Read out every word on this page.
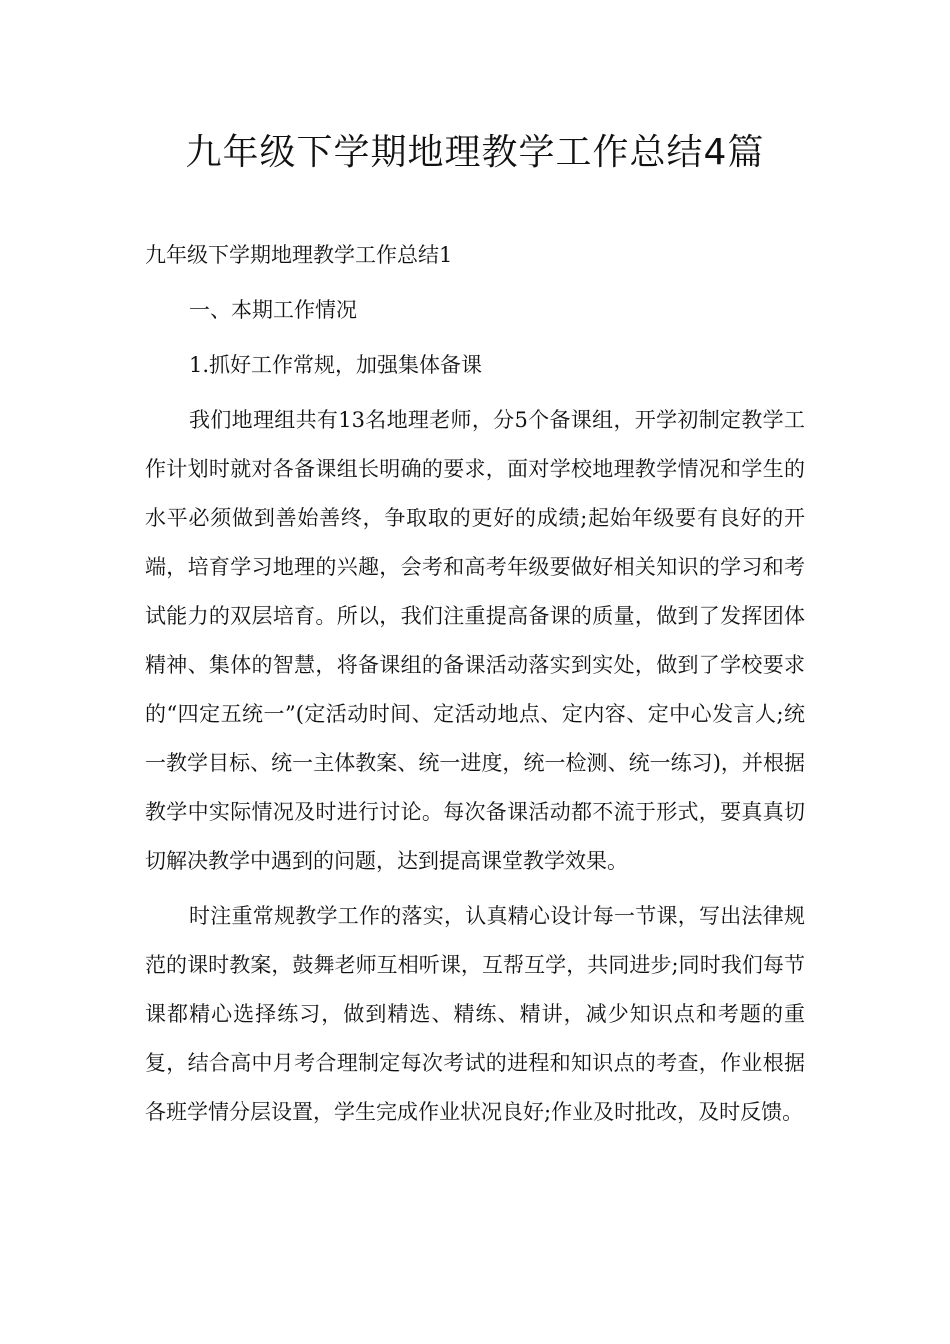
九年级下学期地理教学工作总结4篇

九年级下学期地理教学工作总结1

一、本期工作情况

1.抓好工作常规，加强集体备课

我们地理组共有13名地理老师，分5个备课组，开学初制定教学工作计划时就对各备课组长明确的要求，面对学校地理教学情况和学生的水平必须做到善始善终，争取取的更好的成绩;起始年级要有良好的开端，培育学习地理的兴趣，会考和高考年级要做好相关知识的学习和考试能力的双层培育。所以，我们注重提高备课的质量，做到了发挥团体精神、集体的智慧，将备课组的备课活动落实到实处，做到了学校要求的“四定五统一”(定活动时间、定活动地点、定内容、定中心发言人;统一教学目标、统一主体教案、统一进度，统一检测、统一练习)，并根据教学中实际情况及时进行讨论。每次备课活动都不流于形式，要真真切切解决教学中遇到的问题，达到提高课堂教学效果。

时注重常规教学工作的落实，认真精心设计每一节课，写出法律规范的课时教案，鼓舞老师互相听课，互帮互学，共同进步;同时我们每节课都精心选择练习，做到精选、精练、精讲，减少知识点和考题的重复，结合高中月考合理制定每次考试的进程和知识点的考查，作业根据各班学情分层设置，学生完成作业状况良好;作业及时批改，及时反馈。
